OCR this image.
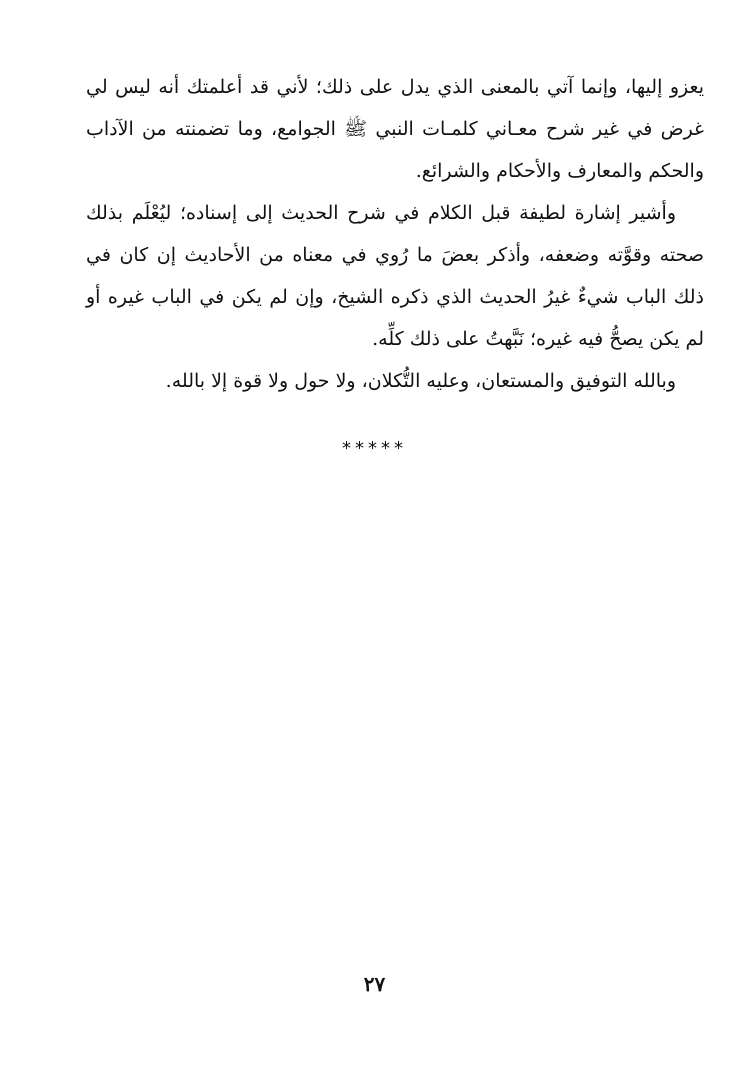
يعزو إليها، وإنما آتي بالمعنى الذي يدل على ذلك؛ لأني قد أعلمتك أنه ليس لي غرض في غير شرح معـاني كلمـات النبي ﷺ الجوامع، وما تضمنته من الآداب والحكم والمعارف والأحكام والشرائع.

وأشير إشارة لطيفة قبل الكلام في شرح الحديث إلى إسناده؛ ليُعْلَم بذلك صحته وقوَّته وضعفه، وأذكر بعضَ ما رُوي في معناه من الأحاديث إن كان في ذلك الباب شيءٌ غيرُ الحديث الذي ذكره الشيخ، وإن لم يكن في الباب غيره أو لم يكن يصحُّ فيه غيره؛ نَبَّهتُ على ذلك كلِّه.

وبالله التوفيق والمستعان، وعليه التُّكلان، ولا حول ولا قوة إلا بالله.

*****
٢٧
